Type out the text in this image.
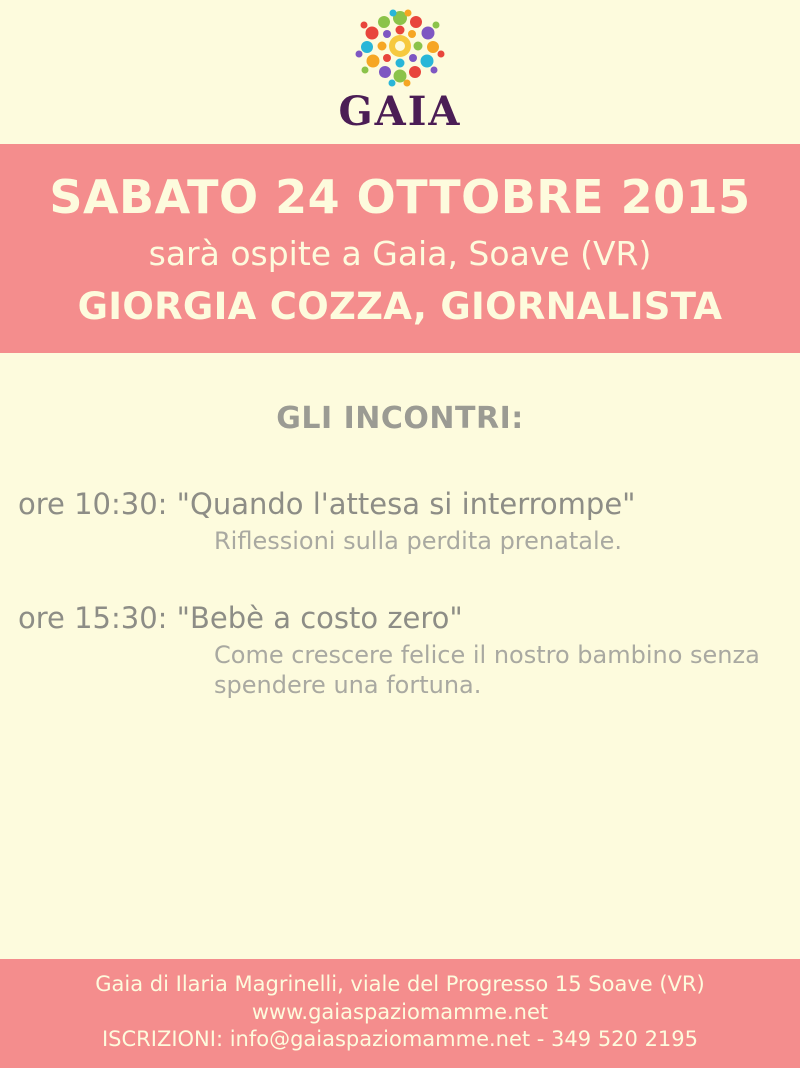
GAIA
SABATO 24 OTTOBRE 2015
sarà ospite a Gaia, Soave (VR)
GIORGIA COZZA, GIORNALISTA
GLI INCONTRI:
ore 10:30: "Quando l'attesa si interrompe"
Riflessioni sulla perdita prenatale.
ore 15:30: "Bebè a costo zero"
Come crescere felice il nostro bambino senza spendere una fortuna.
Gaia di Ilaria Magrinelli, viale del Progresso 15 Soave (VR)
www.gaiaspaziomamme.net
ISCRIZIONI: info@gaiaspaziomamme.net - 349 520 2195
